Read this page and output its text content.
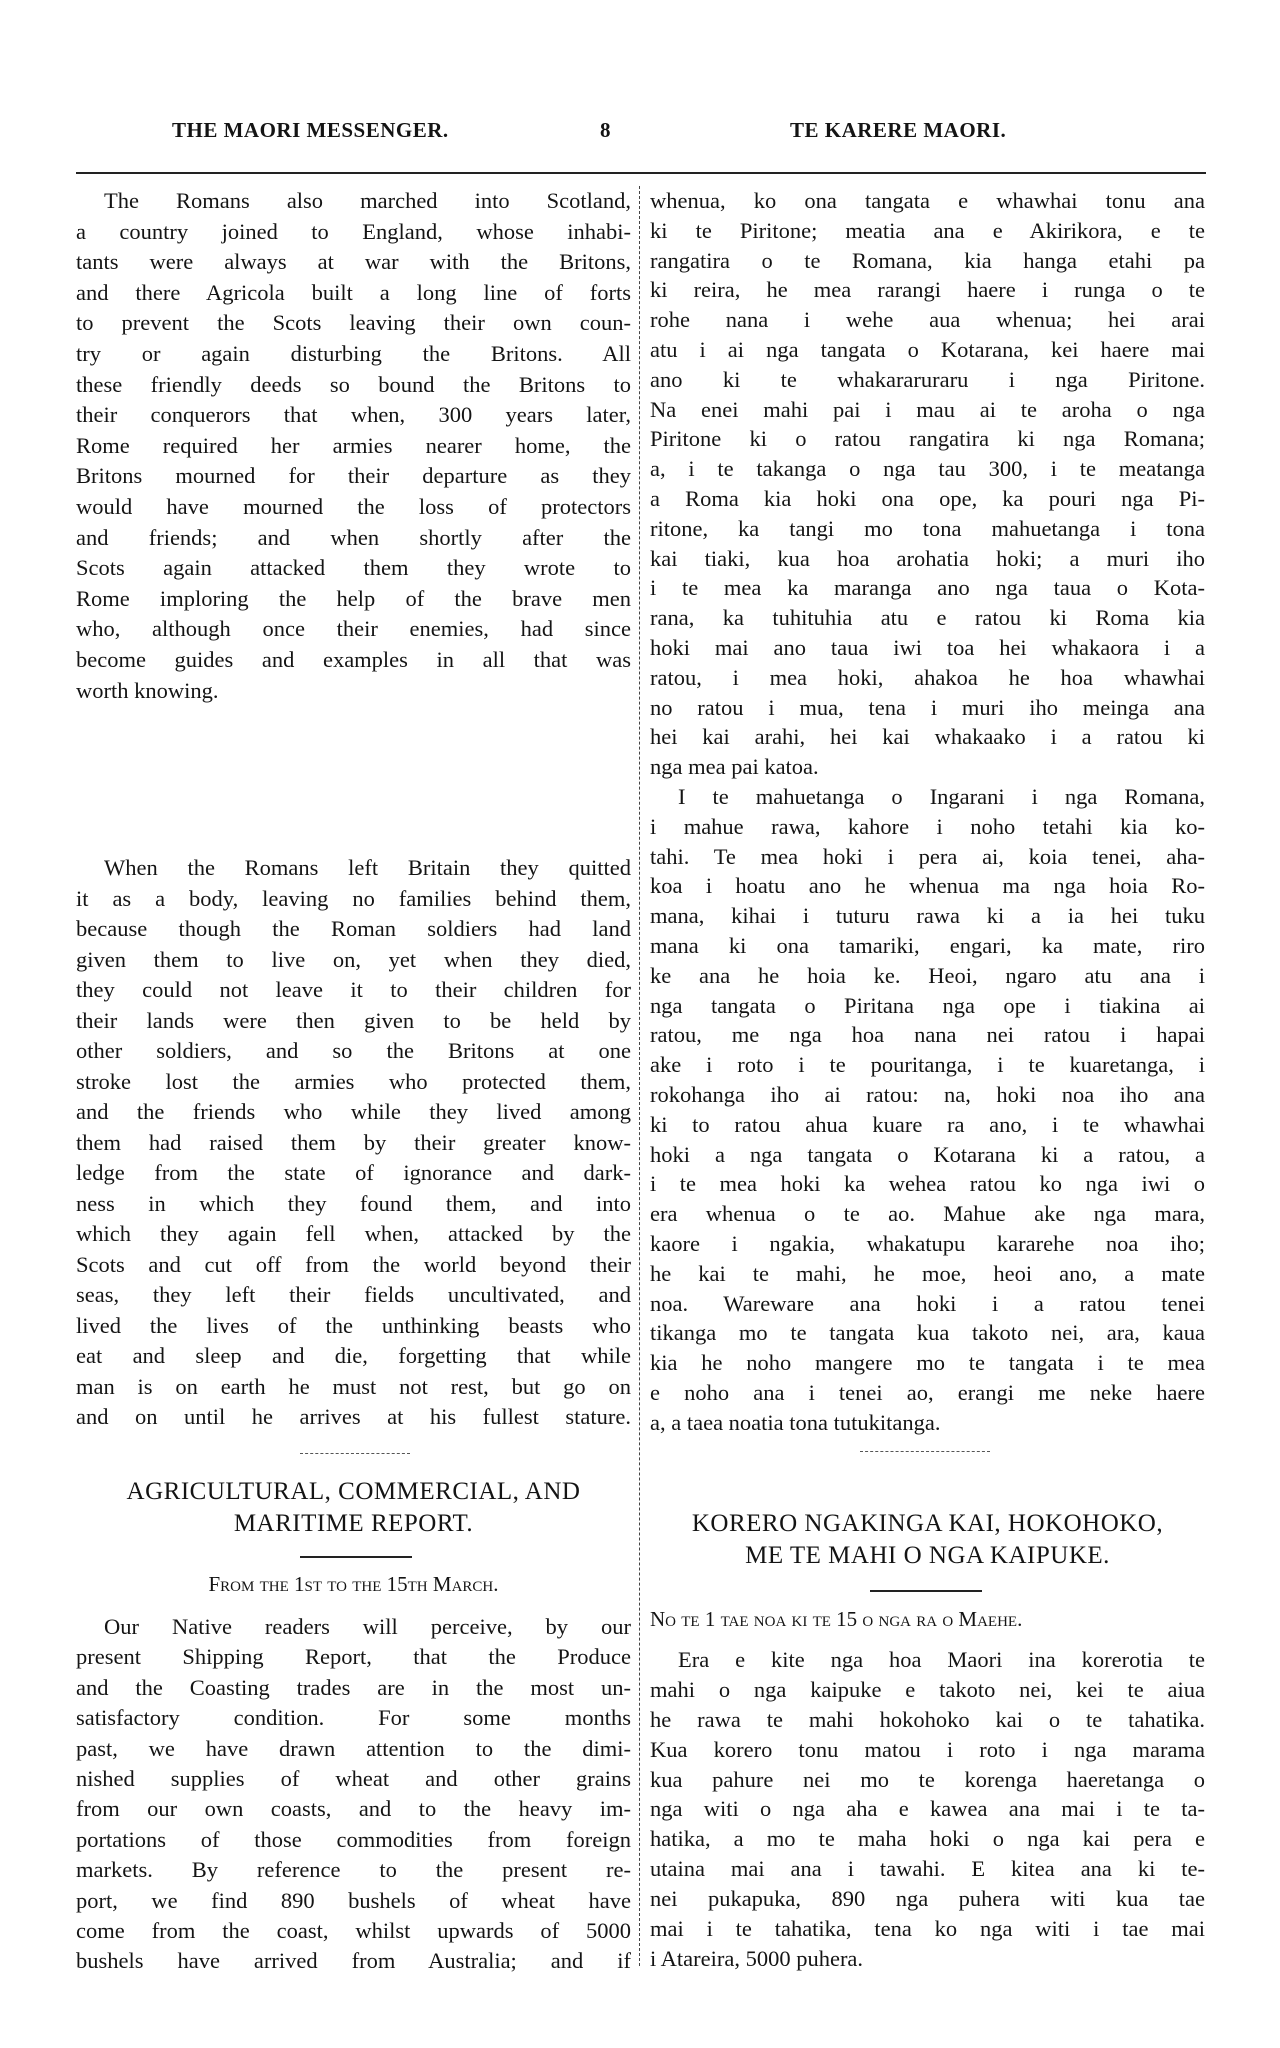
THE MAORI MESSENGER.	8	TE KARERE MAORI.
The Romans also marched into Scotland,
a country joined to England, whose inhabi-
tants were always at war with the Britons,
and there Agricola built a long line of forts
to prevent the Scots leaving their own coun-
try or again disturbing the Britons. All
these friendly deeds so bound the Britons to
their conquerors that when, 300 years later,
Rome required her armies nearer home, the
Britons mourned for their departure as they
would have mourned the loss of protectors
and friends; and when shortly after the
Scots again attacked them they wrote to
Rome imploring the help of the brave men
who, although once their enemies, had since
become guides and examples in all that was
worth knowing.
When the Romans left Britain they quitted
it as a body, leaving no families behind them,
because though the Roman soldiers had land
given them to live on, yet when they died,
they could not leave it to their children for
their lands were then given to be held by
other soldiers, and so the Britons at one
stroke lost the armies who protected them,
and the friends who while they lived among
them had raised them by their greater know-
ledge from the state of ignorance and dark-
ness in which they found them, and into
which they again fell when, attacked by the
Scots and cut off from the world beyond their
seas, they left their fields uncultivated, and
lived the lives of the unthinking beasts who
eat and sleep and die, forgetting that while
man is on earth he must not rest, but go on
and on until he arrives at his fullest stature.
AGRICULTURAL, COMMERCIAL, AND
MARITIME REPORT.
From the 1st to the 15th March.
Our Native readers will perceive, by our
present Shipping Report, that the Produce
and the Coasting trades are in the most un-
satisfactory condition. For some months
past, we have drawn attention to the dimi-
nished supplies of wheat and other grains
from our own coasts, and to the heavy im-
portations of those commodities from foreign
markets. By reference to the present re-
port, we find 890 bushels of wheat have
come from the coast, whilst upwards of 5000
bushels have arrived from Australia; and if
whenua, ko ona tangata e whawhai tonu ana
ki te Piritone; meatia ana e Akirikora, e te
rangatira o te Romana, kia hanga etahi pa
ki reira, he mea rarangi haere i runga o te
rohe nana i wehe aua whenua; hei arai
atu i ai nga tangata o Kotarana, kei haere mai
ano ki te whakararuraru i nga Piritone.
Na enei mahi pai i mau ai te aroha o nga
Piritone ki o ratou rangatira ki nga Romana;
a, i te takanga o nga tau 300, i te meatanga
a Roma kia hoki ona ope, ka pouri nga Pi-
ritone, ka tangi mo tona mahuetanga i tona
kai tiaki, kua hoa arohatia hoki; a muri iho
i te mea ka maranga ano nga taua o Kota-
rana, ka tuhituhia atu e ratou ki Roma kia
hoki mai ano taua iwi toa hei whakaora i a
ratou, i mea hoki, ahakoa he hoa whawhai
no ratou i mua, tena i muri iho meinga ana
hei kai arahi, hei kai whakaako i a ratou ki
nga mea pai katoa.
I te mahuetanga o Ingarani i nga Romana,
i mahue rawa, kahore i noho tetahi kia ko-
tahi. Te mea hoki i pera ai, koia tenei, aha-
koa i hoatu ano he whenua ma nga hoia Ro-
mana, kihai i tuturu rawa ki a ia hei tuku
mana ki ona tamariki, engari, ka mate, riro
ke ana he hoia ke. Heoi, ngaro atu ana i
nga tangata o Piritana nga ope i tiakina ai
ratou, me nga hoa nana nei ratou i hapai
ake i roto i te pouritanga, i te kuaretanga, i
rokohanga iho ai ratou: na, hoki noa iho ana
ki to ratou ahua kuare ra ano, i te whawhai
hoki a nga tangata o Kotarana ki a ratou, a
i te mea hoki ka wehea ratou ko nga iwi o
era whenua o te ao. Mahue ake nga mara,
kaore i ngakia, whakatupu kararehe noa iho;
he kai te mahi, he moe, heoi ano, a mate
noa. Wareware ana hoki i a ratou tenei
tikanga mo te tangata kua takoto nei, ara, kaua
kia he noho mangere mo te tangata i te mea
e noho ana i tenei ao, erangi me neke haere
a, a taea noatia tona tutukitanga.
KORERO NGAKINGA KAI, HOKOHOKO,
ME TE MAHI O NGA KAIPUKE.
No te 1 tae noa ki te 15 o nga ra o Maehe.
Era e kite nga hoa Maori ina korerotia te
mahi o nga kaipuke e takoto nei, kei te aiua
he rawa te mahi hokohoko kai o te tahatika.
Kua korero tonu matou i roto i nga marama
kua pahure nei mo te korenga haeretanga o
nga witi o nga aha e kawea ana mai i te ta-
hatika, a mo te maha hoki o nga kai pera e
utaina mai ana i tawahi. E kitea ana ki te-
nei pukapuka, 890 nga puhera witi kua tae
mai i te tahatika, tena ko nga witi i tae mai
i Atareira, 5000 puhera.
